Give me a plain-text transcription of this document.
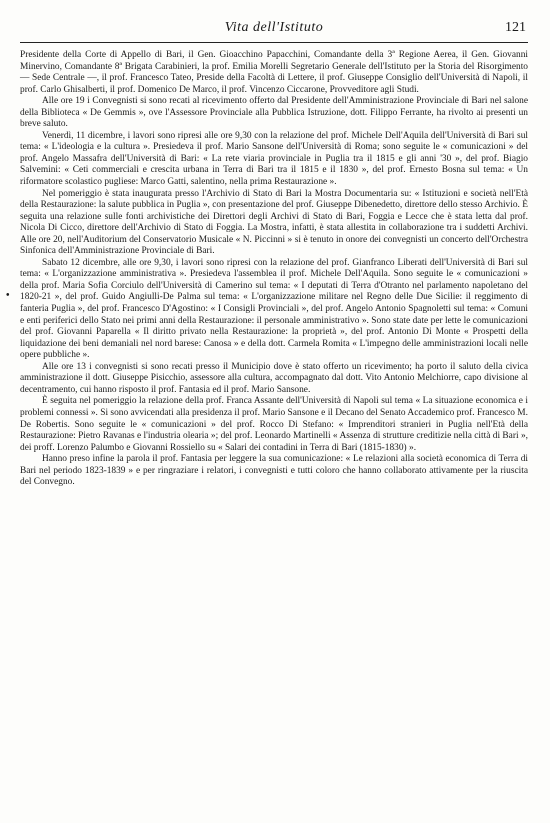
Vita dell'Istituto	121
•

Presidente della Corte di Appello di Bari, il Gen. Gioacchino Papacchini, Comandante della 3ª Regione Aerea, il Gen. Giovanni Minervino, Comandante 8ª Brigata Carabinieri, la prof. Emilia Morelli Segretario Generale dell'Istituto per la Storia del Risorgimento — Sede Centrale —, il prof. Francesco Tateo, Preside della Facoltà di Lettere, il prof. Giuseppe Consiglio dell'Università di Napoli, il prof. Carlo Ghisalberti, il prof. Domenico De Marco, il prof. Vincenzo Ciccarone, Provveditore agli Studi.

Alle ore 19 i Convegnisti si sono recati al ricevimento offerto dal Presidente dell'Amministrazione Provinciale di Bari nel salone della Biblioteca « De Gemmis », ove l'Assessore Provinciale alla Pubblica Istruzione, dott. Filippo Ferrante, ha rivolto ai presenti un breve saluto.

Venerdì, 11 dicembre, i lavori sono ripresi alle ore 9,30 con la relazione del prof. Michele Dell'Aquila dell'Università di Bari sul tema: « L'ideologia e la cultura ». Presiedeva il prof. Mario Sansone dell'Università di Roma; sono seguite le « comunicazioni » del prof. Angelo Massafra dell'Università di Bari: « La rete viaria provinciale in Puglia tra il 1815 e gli anni '30 », del prof. Biagio Salvemini: « Ceti commerciali e crescita urbana in Terra di Bari tra il 1815 e il 1830 », del prof. Ernesto Bosna sul tema: « Un riformatore scolastico pugliese: Marco Gatti, salentino, nella prima Restaurazione ».

Nel pomeriggio è stata inaugurata presso l'Archivio di Stato di Bari la Mostra Documentaria su: « Istituzioni e società nell'Età della Restaurazione: la salute pubblica in Puglia », con presentazione del prof. Giuseppe Dibenedetto, direttore dello stesso Archivio. È seguita una relazione sulle fonti archivistiche dei Direttori degli Archivi di Stato di Bari, Foggia e Lecce che è stata letta dal prof. Nicola Di Cicco, direttore dell'Archivio di Stato di Foggia. La Mostra, infatti, è stata allestita in collaborazione tra i suddetti Archivi. Alle ore 20, nell'Auditorium del Conservatorio Musicale « N. Piccinni » si è tenuto in onore dei convegnisti un concerto dell'Orchestra Sinfonica dell'Amministrazione Provinciale di Bari.

Sabato 12 dicembre, alle ore 9,30, i lavori sono ripresi con la relazione del prof. Gianfranco Liberati dell'Università di Bari sul tema: « L'organizzazione amministrativa ». Presiedeva l'assemblea il prof. Michele Dell'Aquila. Sono seguite le « comunicazioni » della prof. Maria Sofia Corciulo dell'Università di Camerino sul tema: « I deputati di Terra d'Otranto nel parlamento napoletano del 1820-21 », del prof. Guido Angiulli-De Palma sul tema: « L'organizzazione militare nel Regno delle Due Sicilie: il reggimento di fanteria Puglia », del prof. Francesco D'Agostino: « I Consigli Provinciali », del prof. Angelo Antonio Spagnoletti sul tema: « Comuni e enti periferici dello Stato nei primi anni della Restaurazione: il personale amministrativo ». Sono state date per lette le comunicazioni del prof. Giovanni Paparella « Il diritto privato nella Restaurazione: la proprietà », del prof. Antonio Di Monte « Prospetti della liquidazione dei beni demaniali nel nord barese: Canosa » e della dott. Carmela Romita « L'impegno delle amministrazioni locali nelle opere pubbliche ».

Alle ore 13 i convegnisti si sono recati presso il Municipio dove è stato offerto un ricevimento; ha porto il saluto della civica amministrazione il dott. Giuseppe Pisicchio, assessore alla cultura, accompagnato dal dott. Vito Antonio Melchiorre, capo divisione al decentramento, cui hanno risposto il prof. Fantasia ed il prof. Mario Sansone.

È seguita nel pomeriggio la relazione della prof. Franca Assante dell'Università di Napoli sul tema « La situazione economica e i problemi connessi ». Si sono avvicendati alla presidenza il prof. Mario Sansone e il Decano del Senato Accademico prof. Francesco M. De Robertis. Sono seguite le « comunicazioni » del prof. Rocco Di Stefano: « Imprenditori stranieri in Puglia nell'Età della Restaurazione: Pietro Ravanas e l'industria olearia »; del prof. Leonardo Martinelli « Assenza di strutture creditizie nella città di Bari », dei proff. Lorenzo Palumbo e Giovanni Rossiello su « Salari dei contadini in Terra di Bari (1815-1830) ».

Hanno preso infine la parola il prof. Fantasia per leggere la sua comunicazione: « Le relazioni alla società economica di Terra di Bari nel periodo 1823-1839 » e per ringraziare i relatori, i convegnisti e tutti coloro che hanno collaborato attivamente per la riuscita del Convegno.
